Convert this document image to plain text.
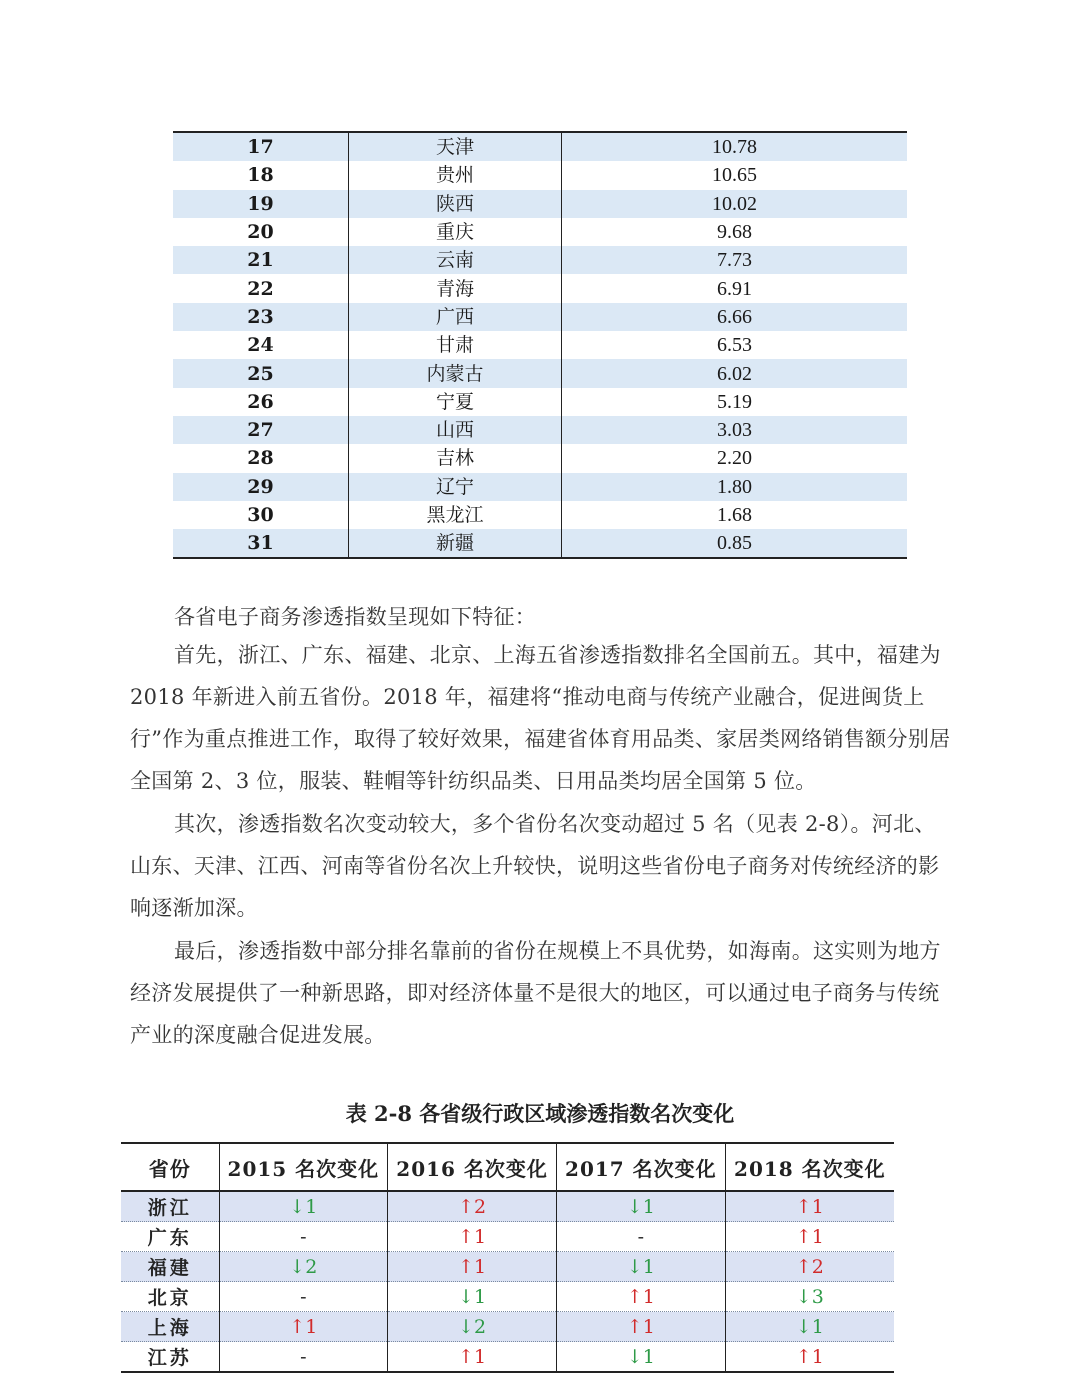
17	天津	10.78
18	贵州	10.65
19	陕西	10.02
20	重庆	9.68
21	云南	7.73
22	青海	6.91
23	广西	6.66
24	甘肃	6.53
25	内蒙古	6.02
26	宁夏	5.19
27	山西	3.03
28	吉林	2.20
29	辽宁	1.80
30	黑龙江	1.68
31	新疆	0.85

各省电子商务渗透指数呈现如下特征：

首先，浙江、广东、福建、北京、上海五省渗透指数排名全国前五。其中，福建为 2018 年新进入前五省份。2018 年，福建将“推动电商与传统产业融合，促进闽货上行”作为重点推进工作，取得了较好效果，福建省体育用品类、家居类网络销售额分别居全国第 2、3 位，服装、鞋帽等针纺织品类、日用品类均居全国第 5 位。

其次，渗透指数名次变动较大，多个省份名次变动超过 5 名（见表 2-8）。河北、山东、天津、江西、河南等省份名次上升较快，说明这些省份电子商务对传统经济的影响逐渐加深。

最后，渗透指数中部分排名靠前的省份在规模上不具优势，如海南。这实则为地方经济发展提供了一种新思路，即对经济体量不是很大的地区，可以通过电子商务与传统产业的深度融合促进发展。

表 2-8 各省级行政区域渗透指数名次变化
省份	2015 名次变化	2016 名次变化	2017 名次变化	2018 名次变化
浙江	↓1	↑2	↓1	↑1
广东	-	↑1	-	↑1
福建	↓2	↑1	↓1	↑2
北京	-	↓1	↑1	↓3
上海	↑1	↓2	↑1	↓1
江苏	-	↑1	↓1	↑1
